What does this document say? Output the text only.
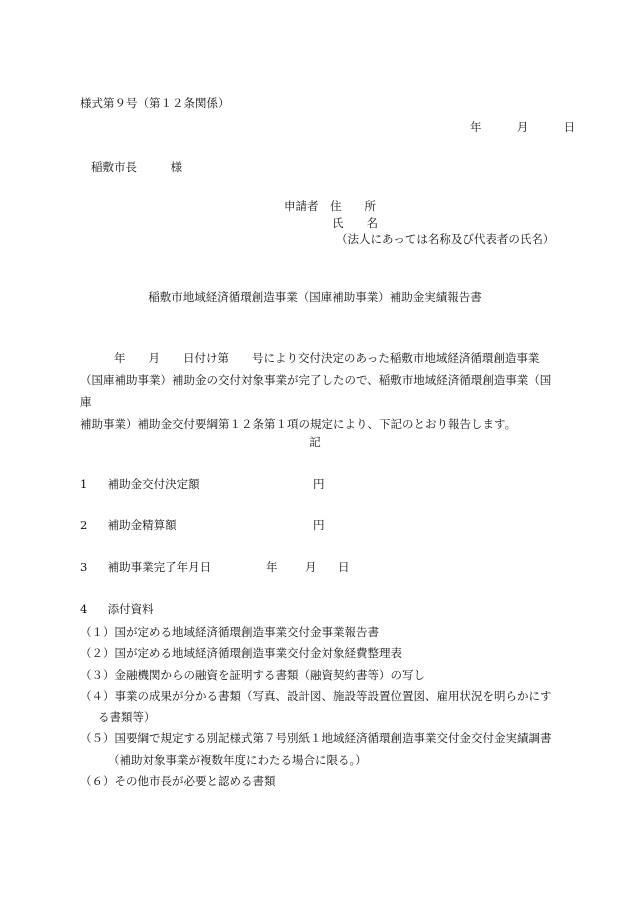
様式第９号（第１２条関係）
年	月	日
稲敷市長	様
申請者 住　　所
氏　　名
（法人にあっては名称及び代表者の氏名）
稲敷市地域経済循環創造事業（国庫補助事業）補助金実績報告書
年　　月　　日付け第　　号により交付決定のあった稲敷市地域経済循環創造事業
（国庫補助事業）補助金の交付対象事業が完了したので、稲敷市地域経済循環創造事業（国庫
補助事業）補助金交付要綱第１２条第１項の規定により、下記のとおり報告します。
記
1 補助金交付決定額	円
2 補助金精算額	円
3 補助事業完了年月日	年 月 日
4 添付資料
（１）国が定める地域経済循環創造事業交付金事業報告書
（２）国が定める地域経済循環創造事業交付金対象経費整理表
（３）金融機関からの融資を証明する書類（融資契約書等）の写し
（４）事業の成果が分かる書類（写真、設計図、施設等設置位置図、雇用状況を明らかにする書類等）
（５）国要綱で規定する別記様式第７号別紙１地域経済循環創造事業交付金交付金実績調書（補助対象事業が複数年度にわたる場合に限る。）
（６）その他市長が必要と認める書類
